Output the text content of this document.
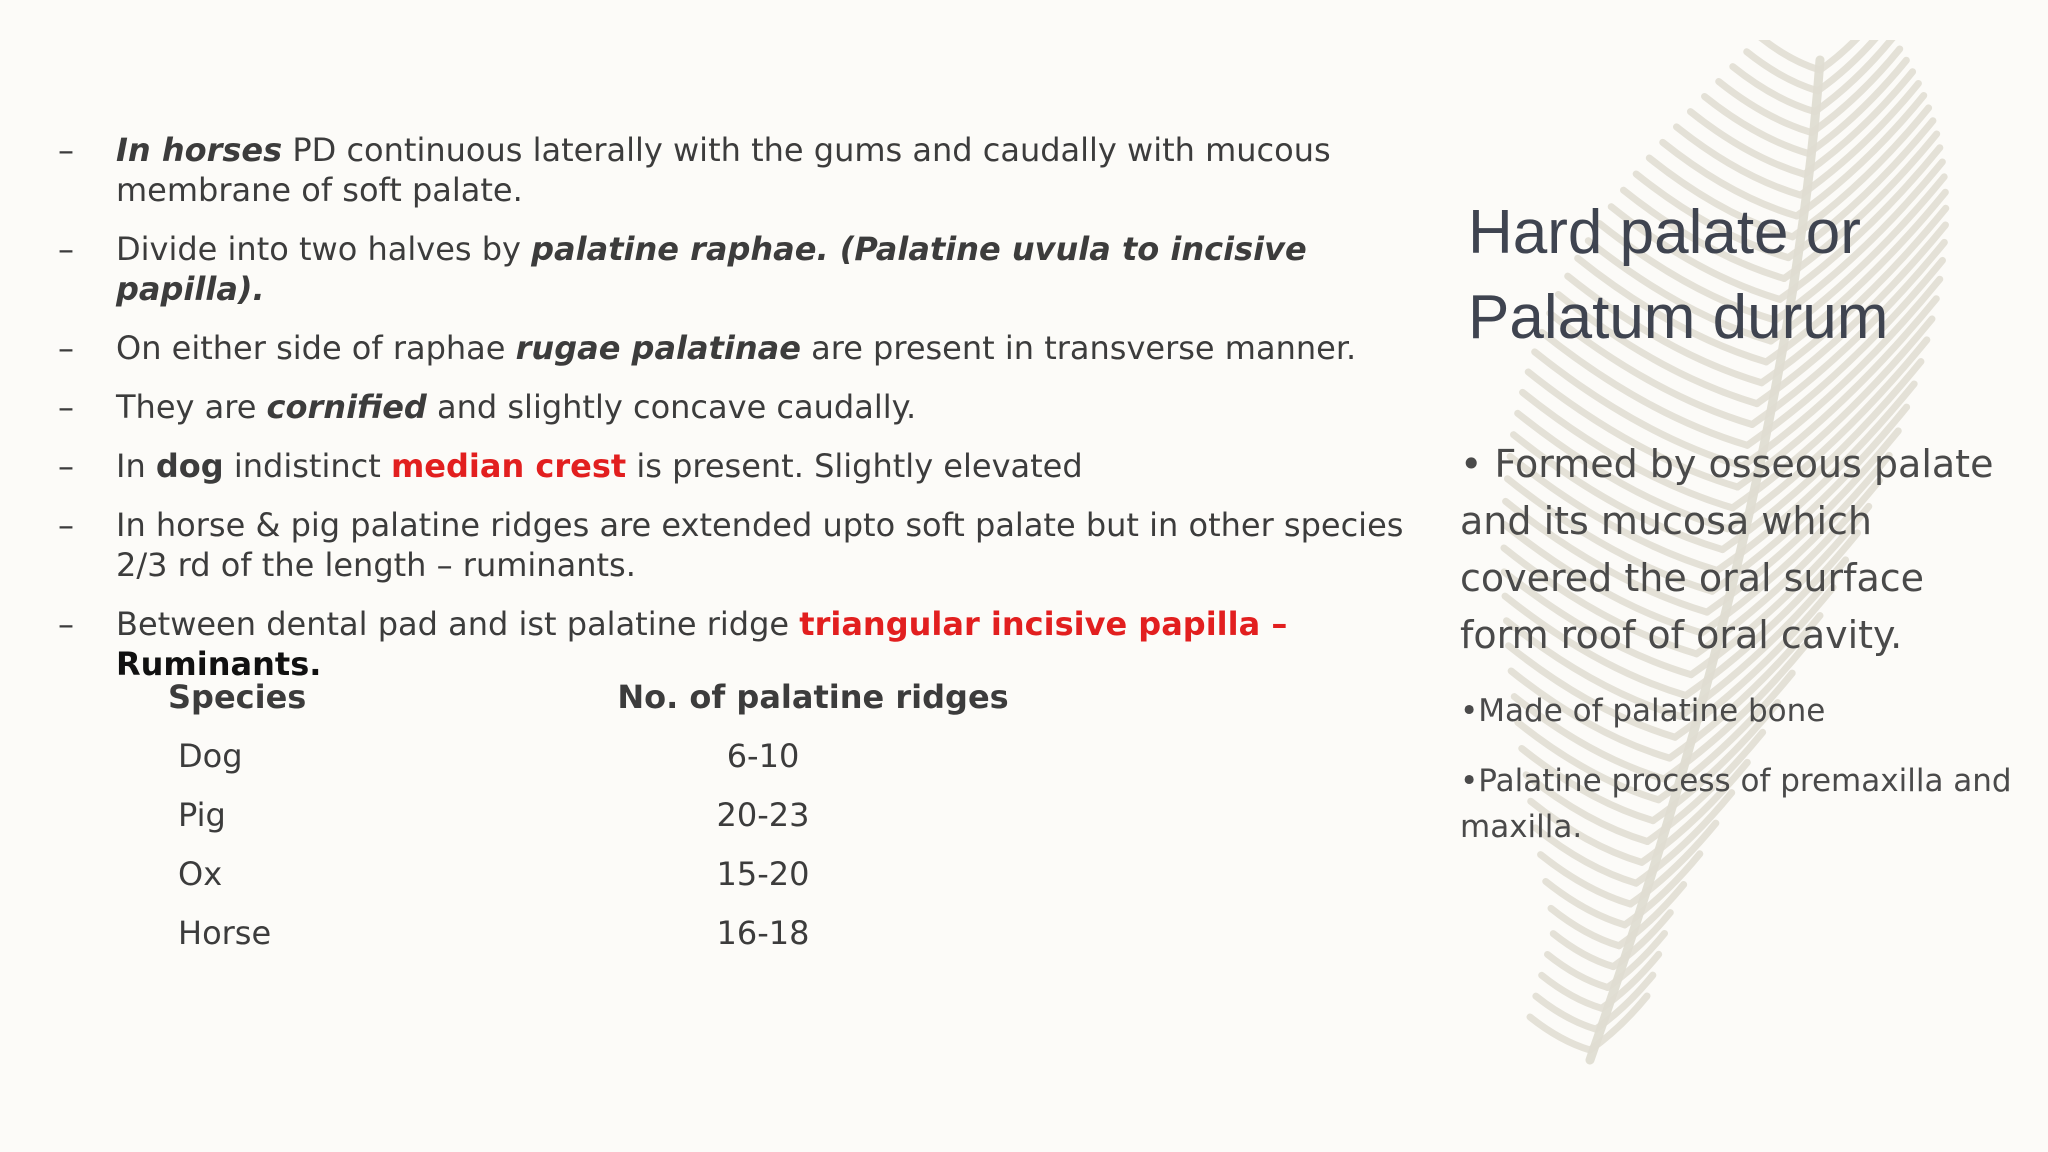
–	In horses PD continuous laterally with the gums and caudally with mucous membrane of soft palate.
–	Divide into two halves by palatine raphae. (Palatine uvula to incisive papilla).
–	On either side of raphae rugae palatinae are present in transverse manner.
–	They are cornified and slightly concave caudally.
–	In dog indistinct median crest is present. Slightly elevated
–	In horse & pig palatine ridges are extended upto soft palate but in other species 2/3 rd of the length – ruminants.
–	Between dental pad and ist palatine ridge triangular incisive papilla –Ruminants.
Species	No. of palatine ridges
Dog	6-10
Pig	20-23
Ox	15-20
Horse	16-18
Hard palate or
Palatum durum
• Formed by osseous palate and its mucosa which covered the oral surface form roof of oral cavity.
•Made of palatine bone
•Palatine process of premaxilla and maxilla.
